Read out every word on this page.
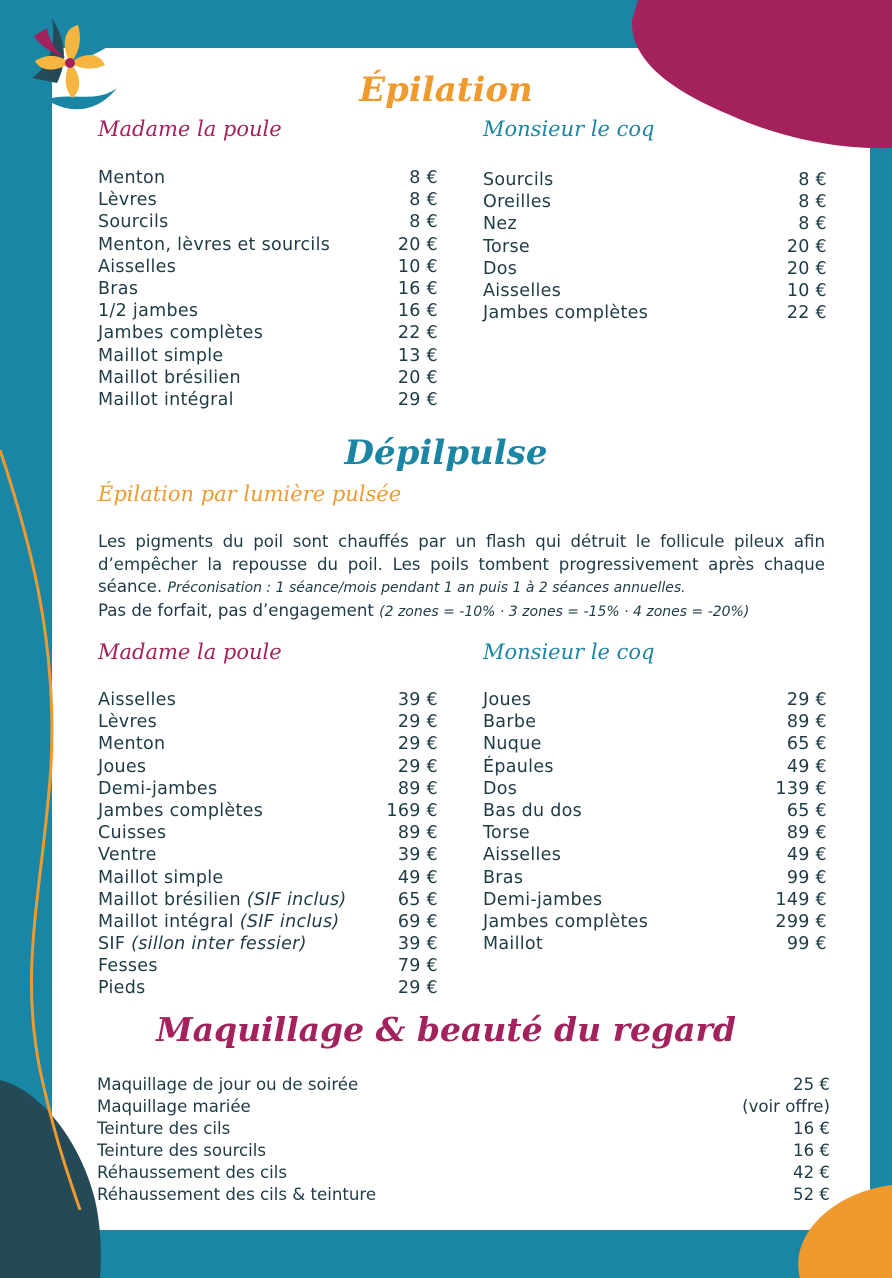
Épilation
Madame la poule	Monsieur le coq
Menton	8 €
Lèvres	8 €
Sourcils	8 €
Menton, lèvres et sourcils	20 €
Aisselles	10 €
Bras	16 €
1/2 jambes	16 €
Jambes complètes	22 €
Maillot simple	13 €
Maillot brésilien	20 €
Maillot intégral	29 €
Sourcils	8 €
Oreilles	8 €
Nez	8 €
Torse	20 €
Dos	20 €
Aisselles	10 €
Jambes complètes	22 €
Dépilpulse
Épilation par lumière pulsée

Les pigments du poil sont chauffés par un flash qui détruit le follicule pileux afin d’empêcher la repousse du poil. Les poils tombent progressivement après chaque séance. Préconisation : 1 séance/mois pendant 1 an puis 1 à 2 séances annuelles.

Pas de forfait, pas d’engagement (2 zones = -10% · 3 zones = -15% · 4 zones = -20%)

Madame la poule	Monsieur le coq
Aisselles	39 €
Lèvres	29 €
Menton	29 €
Joues	29 €
Demi-jambes	89 €
Jambes complètes	169 €
Cuisses	89 €
Ventre	39 €
Maillot simple	49 €
Maillot brésilien (SIF inclus)	65 €
Maillot intégral (SIF inclus)	69 €
SIF (sillon inter fessier)	39 €
Fesses	79 €
Pieds	29 €
Joues	29 €
Barbe	89 €
Nuque	65 €
Épaules	49 €
Dos	139 €
Bas du dos	65 €
Torse	89 €
Aisselles	49 €
Bras	99 €
Demi-jambes	149 €
Jambes complètes	299 €
Maillot	99 €
Maquillage & beauté du regard
Maquillage de jour ou de soirée	25 €
Maquillage mariée	(voir offre)
Teinture des cils	16 €
Teinture des sourcils	16 €
Réhaussement des cils	42 €
Réhaussement des cils & teinture	52 €
